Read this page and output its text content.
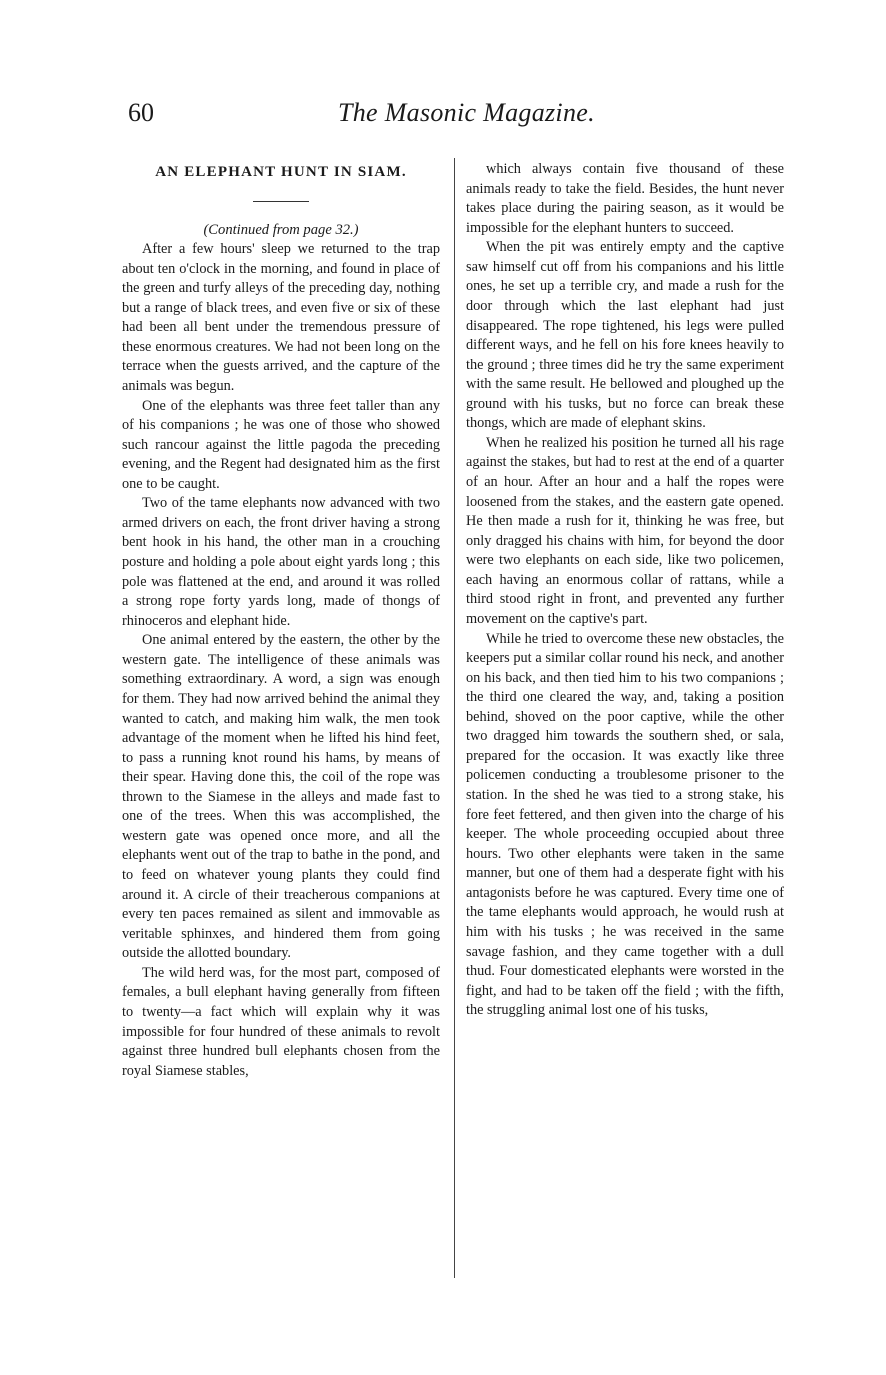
60	The Masonic Magazine.
AN ELEPHANT HUNT IN SIAM.

(Continued from page 32.)

After a few hours' sleep we returned to the trap about ten o'clock in the morning, and found in place of the green and turfy alleys of the preceding day, nothing but a range of black trees, and even five or six of these had been all bent under the tremendous pressure of these enormous creatures. We had not been long on the terrace when the guests arrived, and the capture of the animals was begun.

One of the elephants was three feet taller than any of his companions ; he was one of those who showed such rancour against the little pagoda the preceding evening, and the Regent had designated him as the first one to be caught.

Two of the tame elephants now advanced with two armed drivers on each, the front driver having a strong bent hook in his hand, the other man in a crouching posture and holding a pole about eight yards long ; this pole was flattened at the end, and around it was rolled a strong rope forty yards long, made of thongs of rhinoceros and elephant hide.

One animal entered by the eastern, the other by the western gate. The intelligence of these animals was something extraordinary. A word, a sign was enough for them. They had now arrived behind the animal they wanted to catch, and making him walk, the men took advantage of the moment when he lifted his hind feet, to pass a running knot round his hams, by means of their spear. Having done this, the coil of the rope was thrown to the Siamese in the alleys and made fast to one of the trees. When this was accomplished, the western gate was opened once more, and all the elephants went out of the trap to bathe in the pond, and to feed on whatever young plants they could find around it. A circle of their treacherous companions at every ten paces remained as silent and immovable as veritable sphinxes, and hindered them from going outside the allotted boundary.

The wild herd was, for the most part, composed of females, a bull elephant having generally from fifteen to twenty—a fact which will explain why it was impossible for four hundred of these animals to revolt against three hundred bull elephants chosen from the royal Siamese stables,

which always contain five thousand of these animals ready to take the field. Besides, the hunt never takes place during the pairing season, as it would be impossible for the elephant hunters to succeed.

When the pit was entirely empty and the captive saw himself cut off from his companions and his little ones, he set up a terrible cry, and made a rush for the door through which the last elephant had just disappeared. The rope tightened, his legs were pulled different ways, and he fell on his fore knees heavily to the ground ; three times did he try the same experiment with the same result. He bellowed and ploughed up the ground with his tusks, but no force can break these thongs, which are made of elephant skins.

When he realized his position he turned all his rage against the stakes, but had to rest at the end of a quarter of an hour. After an hour and a half the ropes were loosened from the stakes, and the eastern gate opened. He then made a rush for it, thinking he was free, but only dragged his chains with him, for beyond the door were two elephants on each side, like two policemen, each having an enormous collar of rattans, while a third stood right in front, and prevented any further movement on the captive's part.

While he tried to overcome these new obstacles, the keepers put a similar collar round his neck, and another on his back, and then tied him to his two companions ; the third one cleared the way, and, taking a position behind, shoved on the poor captive, while the other two dragged him towards the southern shed, or sala, prepared for the occasion. It was exactly like three policemen conducting a troublesome prisoner to the station. In the shed he was tied to a strong stake, his fore feet fettered, and then given into the charge of his keeper. The whole proceeding occupied about three hours. Two other elephants were taken in the same manner, but one of them had a desperate fight with his antagonists before he was captured. Every time one of the tame elephants would approach, he would rush at him with his tusks ; he was received in the same savage fashion, and they came together with a dull thud. Four domesticated elephants were worsted in the fight, and had to be taken off the field ; with the fifth, the struggling animal lost one of his tusks,
